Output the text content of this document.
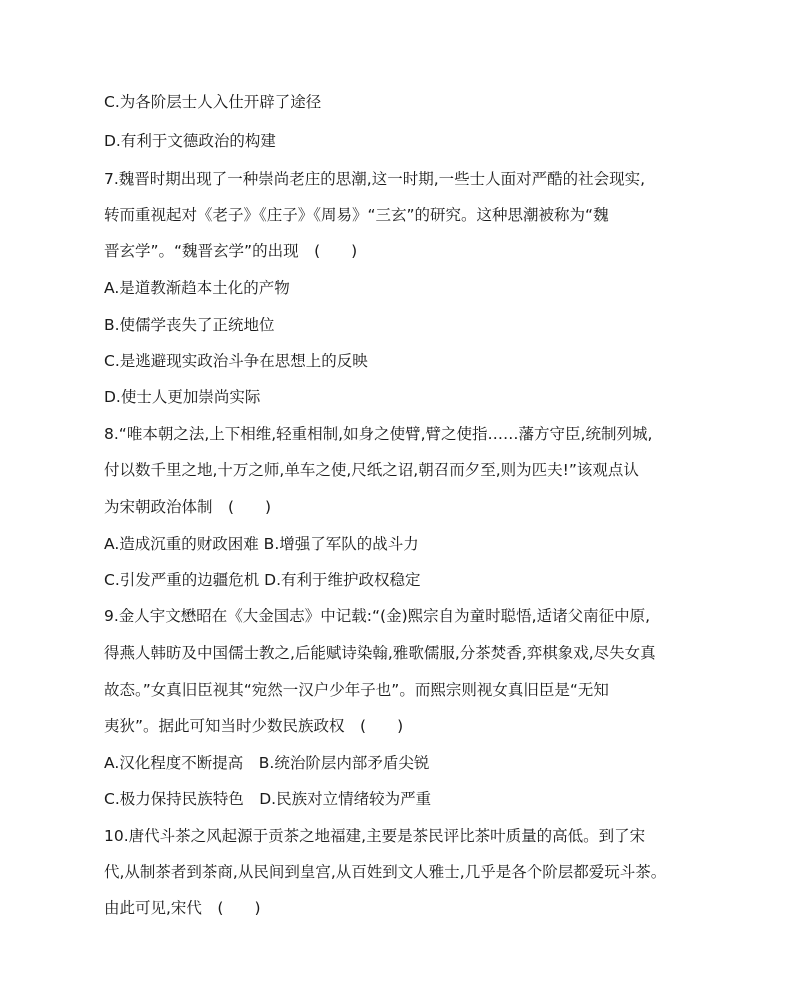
C.为各阶层士人入仕开辟了途径
D.有利于文德政治的构建
7.魏晋时期出现了一种崇尚老庄的思潮,这一时期,一些士人面对严酷的社会现实,
转而重视起对《老子》《庄子》《周易》“三玄”的研究。这种思潮被称为“魏
晋玄学”。“魏晋玄学”的出现　(　　)
A.是道教渐趋本土化的产物
B.使儒学丧失了正统地位
C.是逃避现实政治斗争在思想上的反映
D.使士人更加崇尚实际
8.“唯本朝之法,上下相维,轻重相制,如身之使臂,臂之使指……藩方守臣,统制列城,
付以数千里之地,十万之师,单车之使,尺纸之诏,朝召而夕至,则为匹夫!”该观点认
为宋朝政治体制　(　　)
A.造成沉重的财政困难 B.增强了军队的战斗力
C.引发严重的边疆危机 D.有利于维护政权稳定
9.金人宇文懋昭在《大金国志》中记载:“(金)熙宗自为童时聪悟,适诸父南征中原,
得燕人韩昉及中国儒士教之,后能赋诗染翰,雅歌儒服,分茶焚香,弈棋象戏,尽失女真
故态。”女真旧臣视其“宛然一汉户少年子也”。而熙宗则视女真旧臣是“无知
夷狄”。据此可知当时少数民族政权　(　　)
A.汉化程度不断提高　B.统治阶层内部矛盾尖锐
C.极力保持民族特色　D.民族对立情绪较为严重
10.唐代斗茶之风起源于贡茶之地福建,主要是茶民评比茶叶质量的高低。到了宋
代,从制茶者到茶商,从民间到皇宫,从百姓到文人雅士,几乎是各个阶层都爱玩斗茶。
由此可见,宋代　(　　)
